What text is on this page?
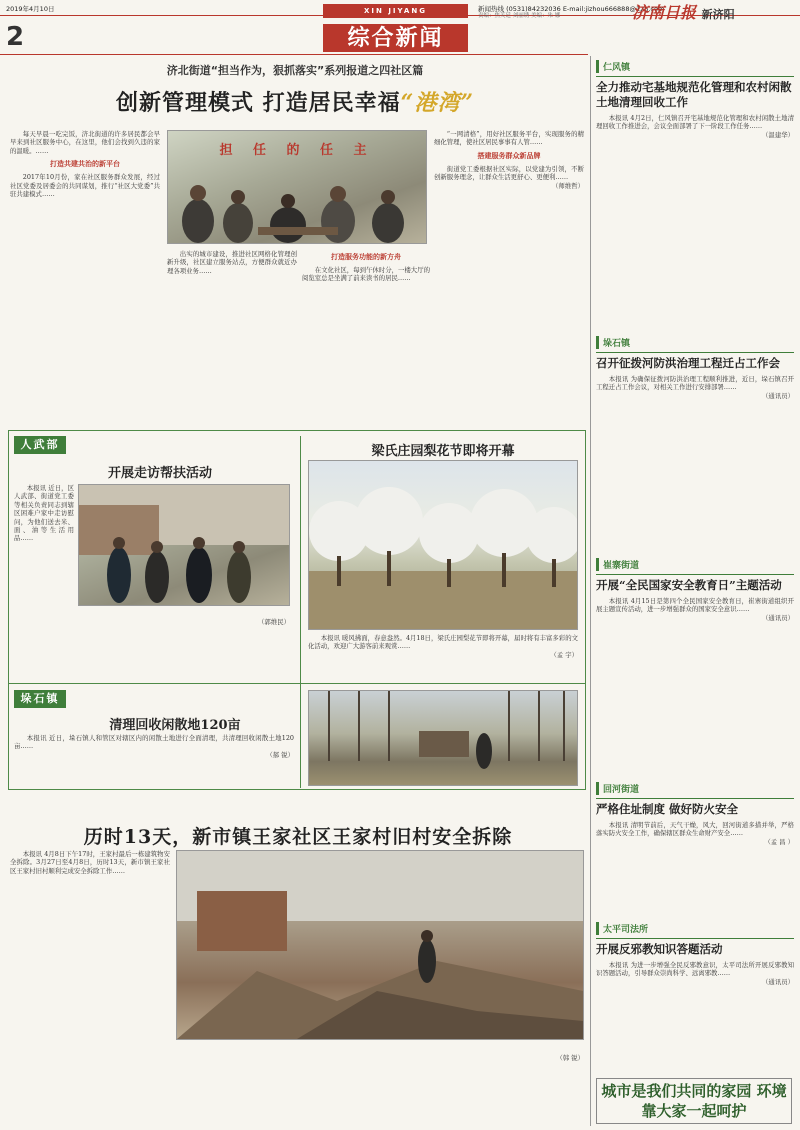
2019年4月10日	新闻热线 (0531)84232036 E-mail:jizhou666888@126.com
责编：焦芙廷 刘丽绣 美编：朱 娜
XIN JIYANG	济南日报 新济阳
2	综合新闻
济北街道“担当作为，狠抓落实”系列报道之四社区篇
创新管理模式 打造居民幸福“港湾”
担 任 的 任 主

每天早晨一吃完饭，济北街道的许多居民都会早早来到社区服务中心，在这里，他们会找到久违的家的温暖。……

打造共建共治的新平台

2017年10月份，家在社区服务群众发展，经过社区党委及居委会的共同谋划，推行“社区大党委”共驻共建模式……

出实的城市建设，推进社区网格化管理创新升级，社区建立服务站点，方便群众就近办理各项业务……

打造服务功能的新方舟

在文化社区，每到午休时分，一楼大厅的阅览室总是坐满了前来读书的居民……

“一网清格”，用好社区服务平台，实现服务的精细化管理，使社区居民事事有人管……

搭建服务群众新品牌

街道党工委根据社区实际，以党建为引领，不断创新服务理念，让群众生活更舒心、更便利……

（师维哲）
人武部
开展走访帮扶活动

本报讯 近日，区人武部、街道党工委等相关负责同志到辖区困难户家中走访慰问，为他们送去米、面、油等生活用品……

（郭维民）
梁氏庄园梨花节即将开幕

本报讯 暖风拂面，春意盎然。4月18日，梁氏庄园梨花节即将开幕，届时将有丰富多彩的文化活动，欢迎广大游客前来观赏……

（孟 宇）
垛石镇
清理回收闲散地120亩

本报讯 近日，垛石镇人和管区对辖区内的闲散土地进行全面清理，共清理回收闲散土地120亩……

（郝 锐）
历时13天，新市镇王家社区王家村旧村安全拆除

本报讯 4月8日下午17时，王家村最后一栋建筑物安全拆除。3月27日至4月8日，历时13天，新市镇王家社区王家村旧村顺利完成安全拆除工作……

（韩 锐）
仁风镇
全力推动宅基地规范化管理和农村闲散土地清理回收工作

本报讯 4月2日，仁风镇召开宅基地规范化管理和农村闲散土地清理回收工作推进会，会议全面部署了下一阶段工作任务……

（温建华）
垛石镇
召开征拨河防洪治理工程迁占工作会

本报讯 为确保征拨河防洪治理工程顺利推进，近日，垛石镇召开工程迁占工作会议，对相关工作进行安排部署……

（通讯员）
崔寨街道
开展“全民国家安全教育日”主题活动

本报讯 4月15日是第四个全民国家安全教育日，崔寨街道组织开展主题宣传活动，进一步增强群众的国家安全意识……

（通讯员）
回河街道
严格住址制度 做好防火安全

本报讯 清明节前后，天气干燥，风大，回河街道多措并举，严格落实防火安全工作，确保辖区群众生命财产安全……

（孟 昌 ）
太平司法所
开展反邪教知识答题活动

本报讯 为进一步增强全民反邪教意识，太平司法所开展反邪教知识答题活动，引导群众崇尚科学、远离邪教……

（通讯员）
城市是我们共同的家园 环境靠大家一起呵护
